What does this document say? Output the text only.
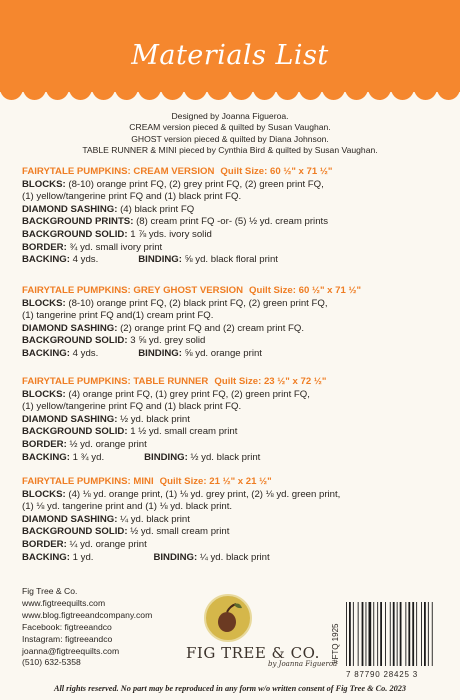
Materials List
Designed by Joanna Figueroa.
CREAM version pieced & quilted by Susan Vaughan.
GHOST version pieced & quilted by Diana Johnson.
TABLE RUNNER & MINI pieced by Cynthia Bird & quilted by Susan Vaughan.
FAIRYTALE PUMPKINS: CREAM VERSION Quilt Size: 60 ½" x 71 ½"
BLOCKS: (8-10) orange print FQ, (2) grey print FQ, (2) green print FQ,
(1) yellow/tangerine print FQ and (1) black print FQ.
DIAMOND SASHING: (4) black print FQ
BACKGROUND PRINTS: (8) cream print FQ -or- (5) ½ yd. cream prints
BACKGROUND SOLID: 1 ⅞ yds. ivory solid
BORDER: ¾ yd. small ivory print
BACKING: 4 yds.	BINDING: ⅝ yd. black floral print
FAIRYTALE PUMPKINS: GREY GHOST VERSION Quilt Size: 60 ½" x 71 ½"
BLOCKS: (8-10) orange print FQ, (2) black print FQ, (2) green print FQ,
(1) tangerine print FQ and(1) cream print FQ.
DIAMOND SASHING: (2) orange print FQ and (2) cream print FQ.
BACKGROUND SOLID: 3 ⅝ yd. grey solid
BACKING: 4 yds.	BINDING: ⅝ yd. orange print
FAIRYTALE PUMPKINS: TABLE RUNNER Quilt Size: 23 ½" x 72 ½"
BLOCKS: (4) orange print FQ, (1) grey print FQ, (2) green print FQ,
(1) yellow/tangerine print FQ and (1) black print FQ.
DIAMOND SASHING: ½ yd. black print
BACKGROUND SOLID: 1 ½ yd. small cream print
BORDER: ½ yd. orange print
BACKING: 1 ¾ yd.	BINDING: ½ yd. black print
FAIRYTALE PUMPKINS: MINI Quilt Size: 21 ½" x 21 ½"
BLOCKS: (4) ⅛ yd. orange print, (1) ⅛ yd. grey print, (2) ⅛ yd. green print,
(1) ⅛ yd. tangerine print and (1) ⅛ yd. black print.
DIAMOND SASHING: ¼ yd. black print
BACKGROUND SOLID: ½ yd. small cream print
BORDER: ¼ yd. orange print
BACKING: 1 yd.	BINDING: ¼ yd. black print
Fig Tree & Co.
www.figtreequilts.com
www.blog.figtreeandcompany.com
Facebook: figtreeandco
Instagram: figtreeandco
joanna@figtreequilts.com
(510) 632-5358
FIG TREE & CO.
by Joanna Figueroa
#FTQ 1925
7 87790 28425 3
All rights reserved. No part may be reproduced in any form w/o written consent of Fig Tree & Co. 2023
